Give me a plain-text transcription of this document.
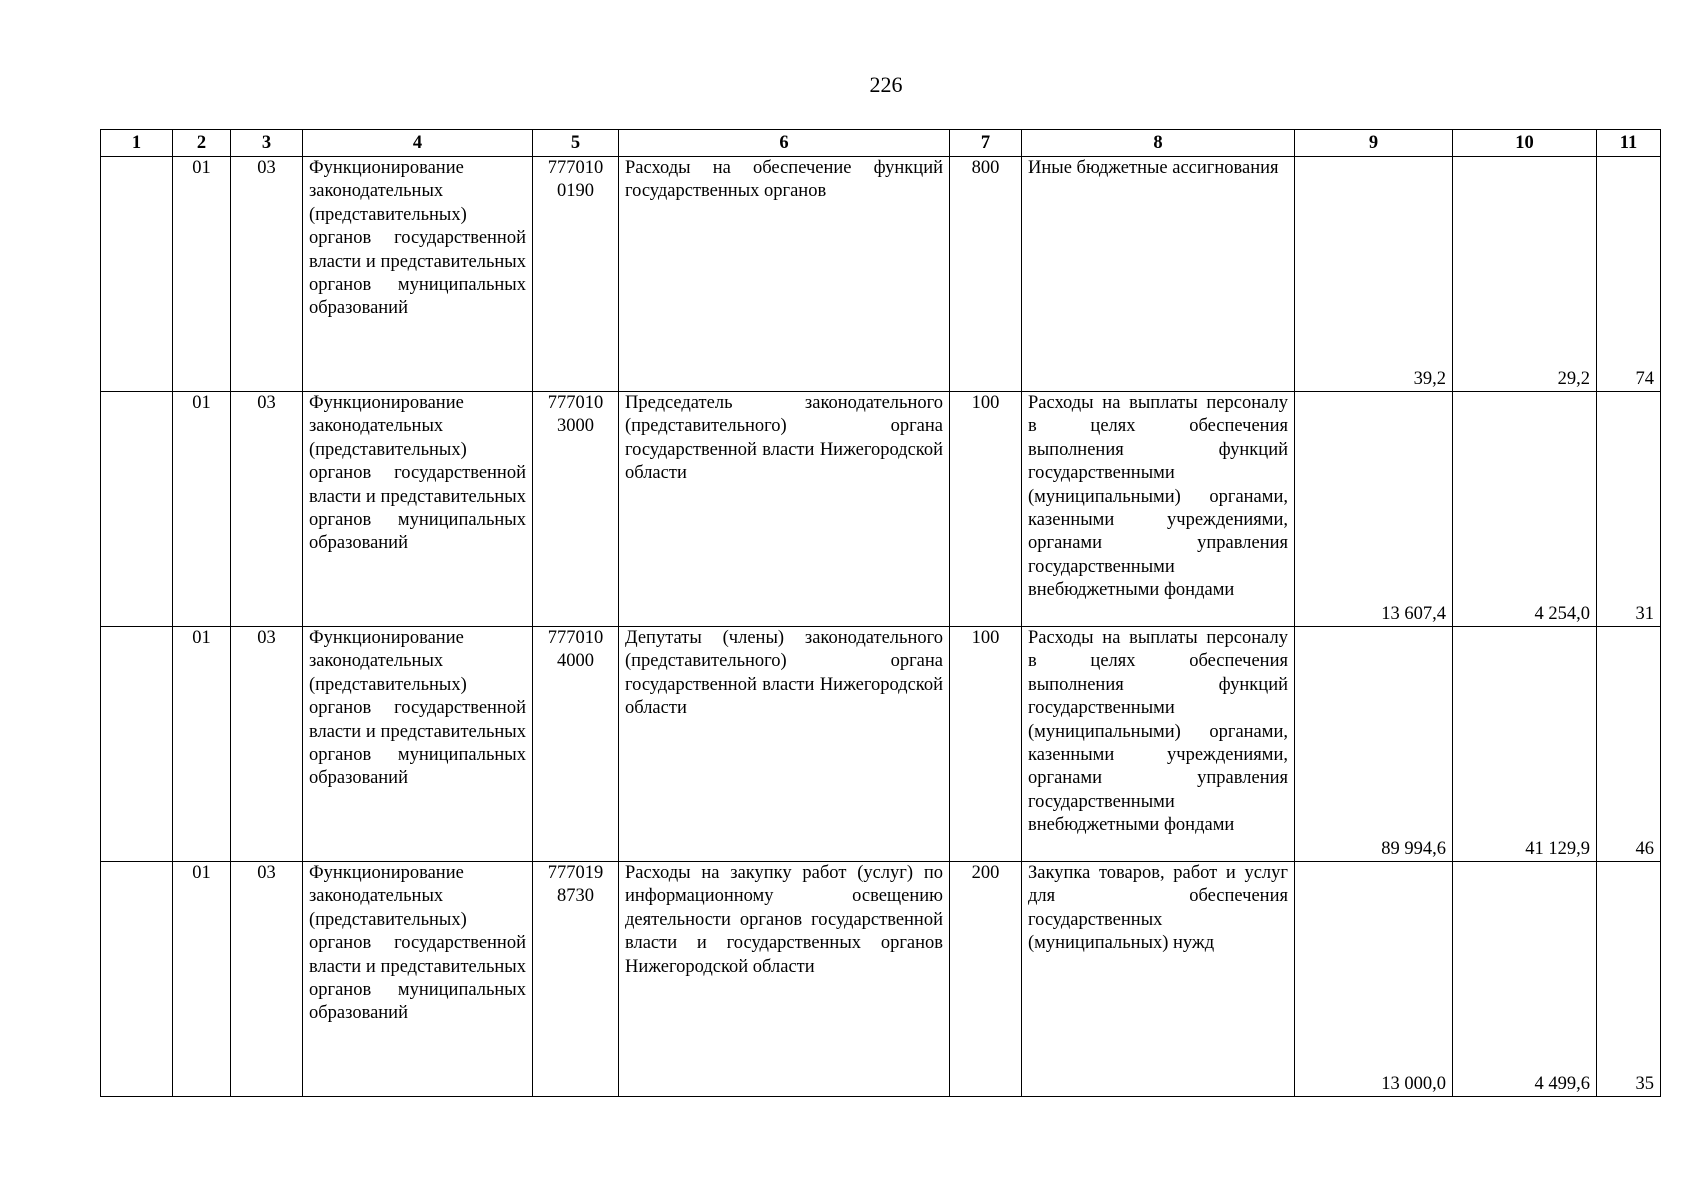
226
1	2	3	4	5	6	7	8	9	10	11
	01	03	Функционирование законодательных (представительных) органов государственной власти и представительных органов муниципальных образований	777010 0190	Расходы на обеспечение функций государственных органов	800	Иные бюджетные ассигнования	39,2	29,2	74
	01	03	Функционирование законодательных (представительных) органов государственной власти и представительных органов муниципальных образований	777010 3000	Председатель законодательного (представительного) органа государственной власти Нижегородской области	100	Расходы на выплаты персоналу в целях обеспечения выполнения функций государственными (муниципальными) органами, казенными учреждениями, органами управления государственными внебюджетными фондами	13 607,4	4 254,0	31
	01	03	Функционирование законодательных (представительных) органов государственной власти и представительных органов муниципальных образований	777010 4000	Депутаты (члены) законодательного (представительного) органа государственной власти Нижегородской области	100	Расходы на выплаты персоналу в целях обеспечения выполнения функций государственными (муниципальными) органами, казенными учреждениями, органами управления государственными внебюджетными фондами	89 994,6	41 129,9	46
	01	03	Функционирование законодательных (представительных) органов государственной власти и представительных органов муниципальных образований	777019 8730	Расходы на закупку работ (услуг) по информационному освещению деятельности органов государственной власти и государственных органов Нижегородской области	200	Закупка товаров, работ и услуг для обеспечения государственных (муниципальных) нужд	13 000,0	4 499,6	35
